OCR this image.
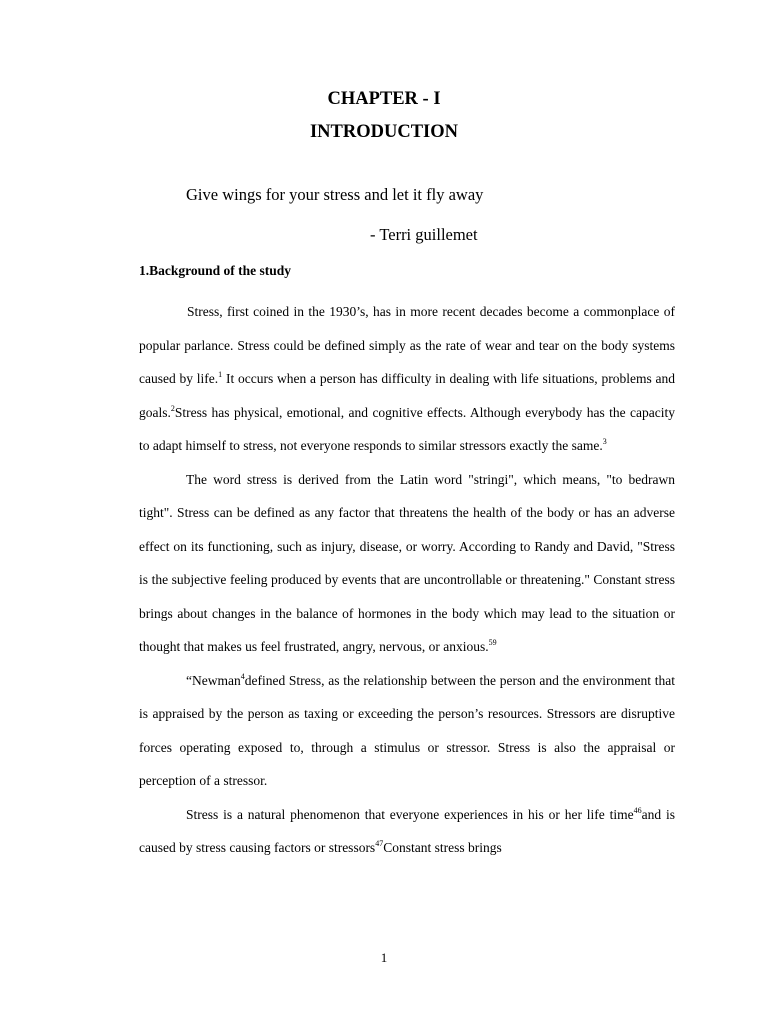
CHAPTER - I
INTRODUCTION
Give wings for your stress and let it fly away
- Terri guillemet
1.Background of the study

Stress, first coined in the 1930’s, has in more recent decades become a commonplace of popular parlance. Stress could be defined simply as the rate of wear and tear on the body systems caused by life.$^1$ It occurs when a person has difficulty in dealing with life situations, problems and goals.$^2$Stress has physical, emotional, and cognitive effects. Although everybody has the capacity to adapt himself to stress, not everyone responds to similar stressors exactly the same.$^3$

The word stress is derived from the Latin word "stringi", which means, "to bedrawn tight". Stress can be defined as any factor that threatens the health of the body or has an adverse effect on its functioning, such as injury, disease, or worry. According to Randy and David, "Stress is the subjective feeling produced by events that are uncontrollable or threatening." Constant stress brings about changes in the balance of hormones in the body which may lead to the situation or thought that makes us feel frustrated, angry, nervous, or anxious.$^{59}$

“Newman$^4$defined Stress, as the relationship between the person and the environment that is appraised by the person as taxing or exceeding the person’s resources. Stressors are disruptive forces operating exposed to, through a stimulus or stressor. Stress is also the appraisal or perception of a stressor.

Stress is a natural phenomenon that everyone experiences in his or her life time$^{46}$and is caused by stress causing factors or stressors$^{47}$Constant stress brings

1
